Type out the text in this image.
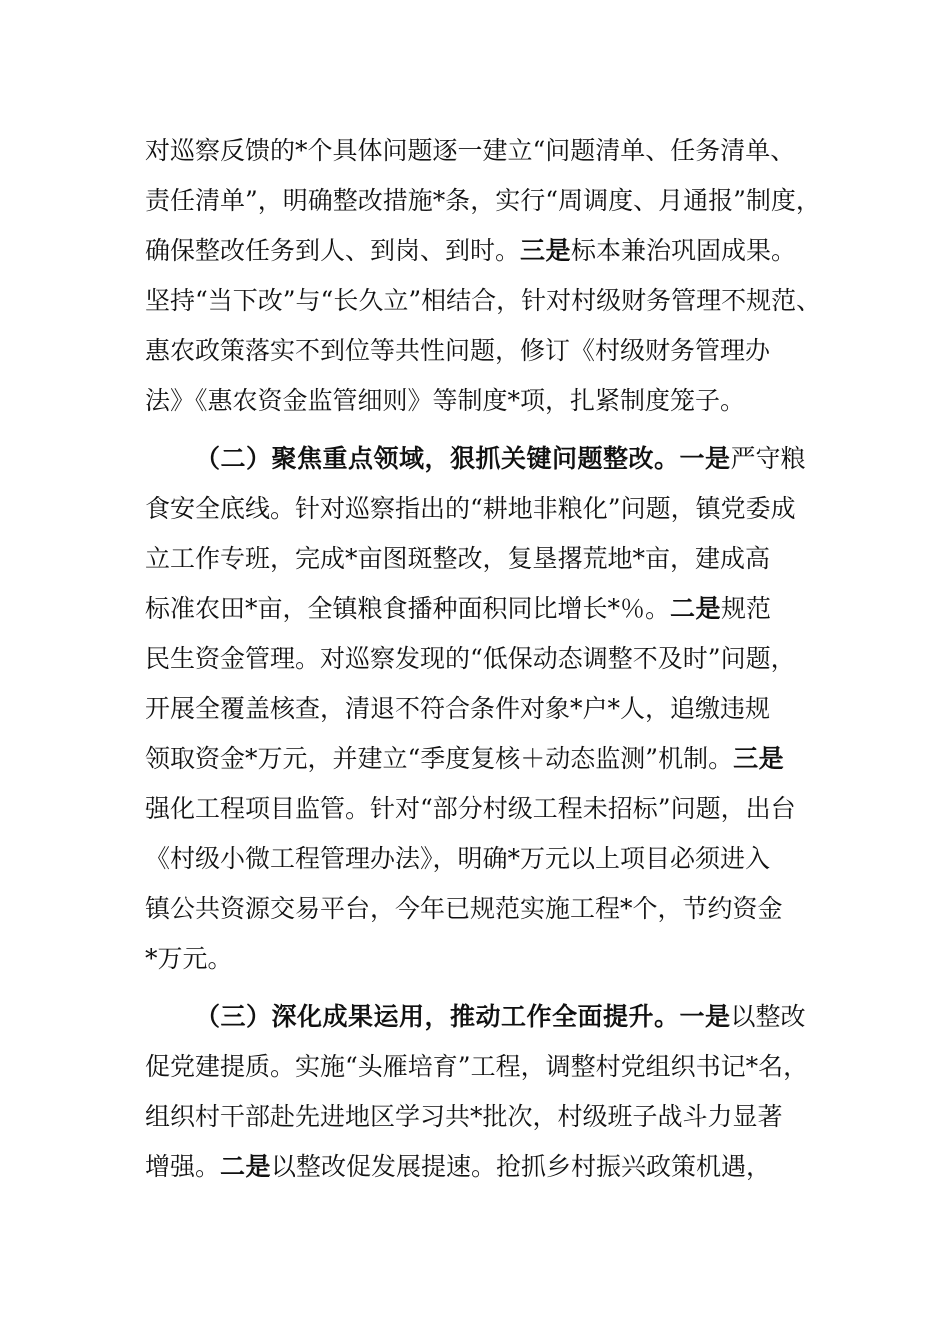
对巡察反馈的*个具体问题逐一建立“问题清单、任务清单、
责任清单”，明确整改措施*条，实行“周调度、月通报”制度，
确保整改任务到人、到岗、到时。三是标本兼治巩固成果。
坚持“当下改”与“长久立”相结合，针对村级财务管理不规范、
惠农政策落实不到位等共性问题，修订《村级财务管理办
法》《惠农资金监管细则》等制度*项，扎紧制度笼子。
（二）聚焦重点领域，狠抓关键问题整改。一是严守粮
食安全底线。针对巡察指出的“耕地非粮化”问题，镇党委成
立工作专班，完成*亩图斑整改，复垦撂荒地*亩，建成高
标准农田*亩，全镇粮食播种面积同比增长*％。二是规范
民生资金管理。对巡察发现的“低保动态调整不及时”问题，
开展全覆盖核查，清退不符合条件对象*户*人，追缴违规
领取资金*万元，并建立“季度复核＋动态监测”机制。三是
强化工程项目监管。针对“部分村级工程未招标”问题，出台
《村级小微工程管理办法》，明确*万元以上项目必须进入
镇公共资源交易平台，今年已规范实施工程*个，节约资金
*万元。
（三）深化成果运用，推动工作全面提升。一是以整改
促党建提质。实施“头雁培育”工程，调整村党组织书记*名，
组织村干部赴先进地区学习共*批次，村级班子战斗力显著
增强。二是以整改促发展提速。抢抓乡村振兴政策机遇，
